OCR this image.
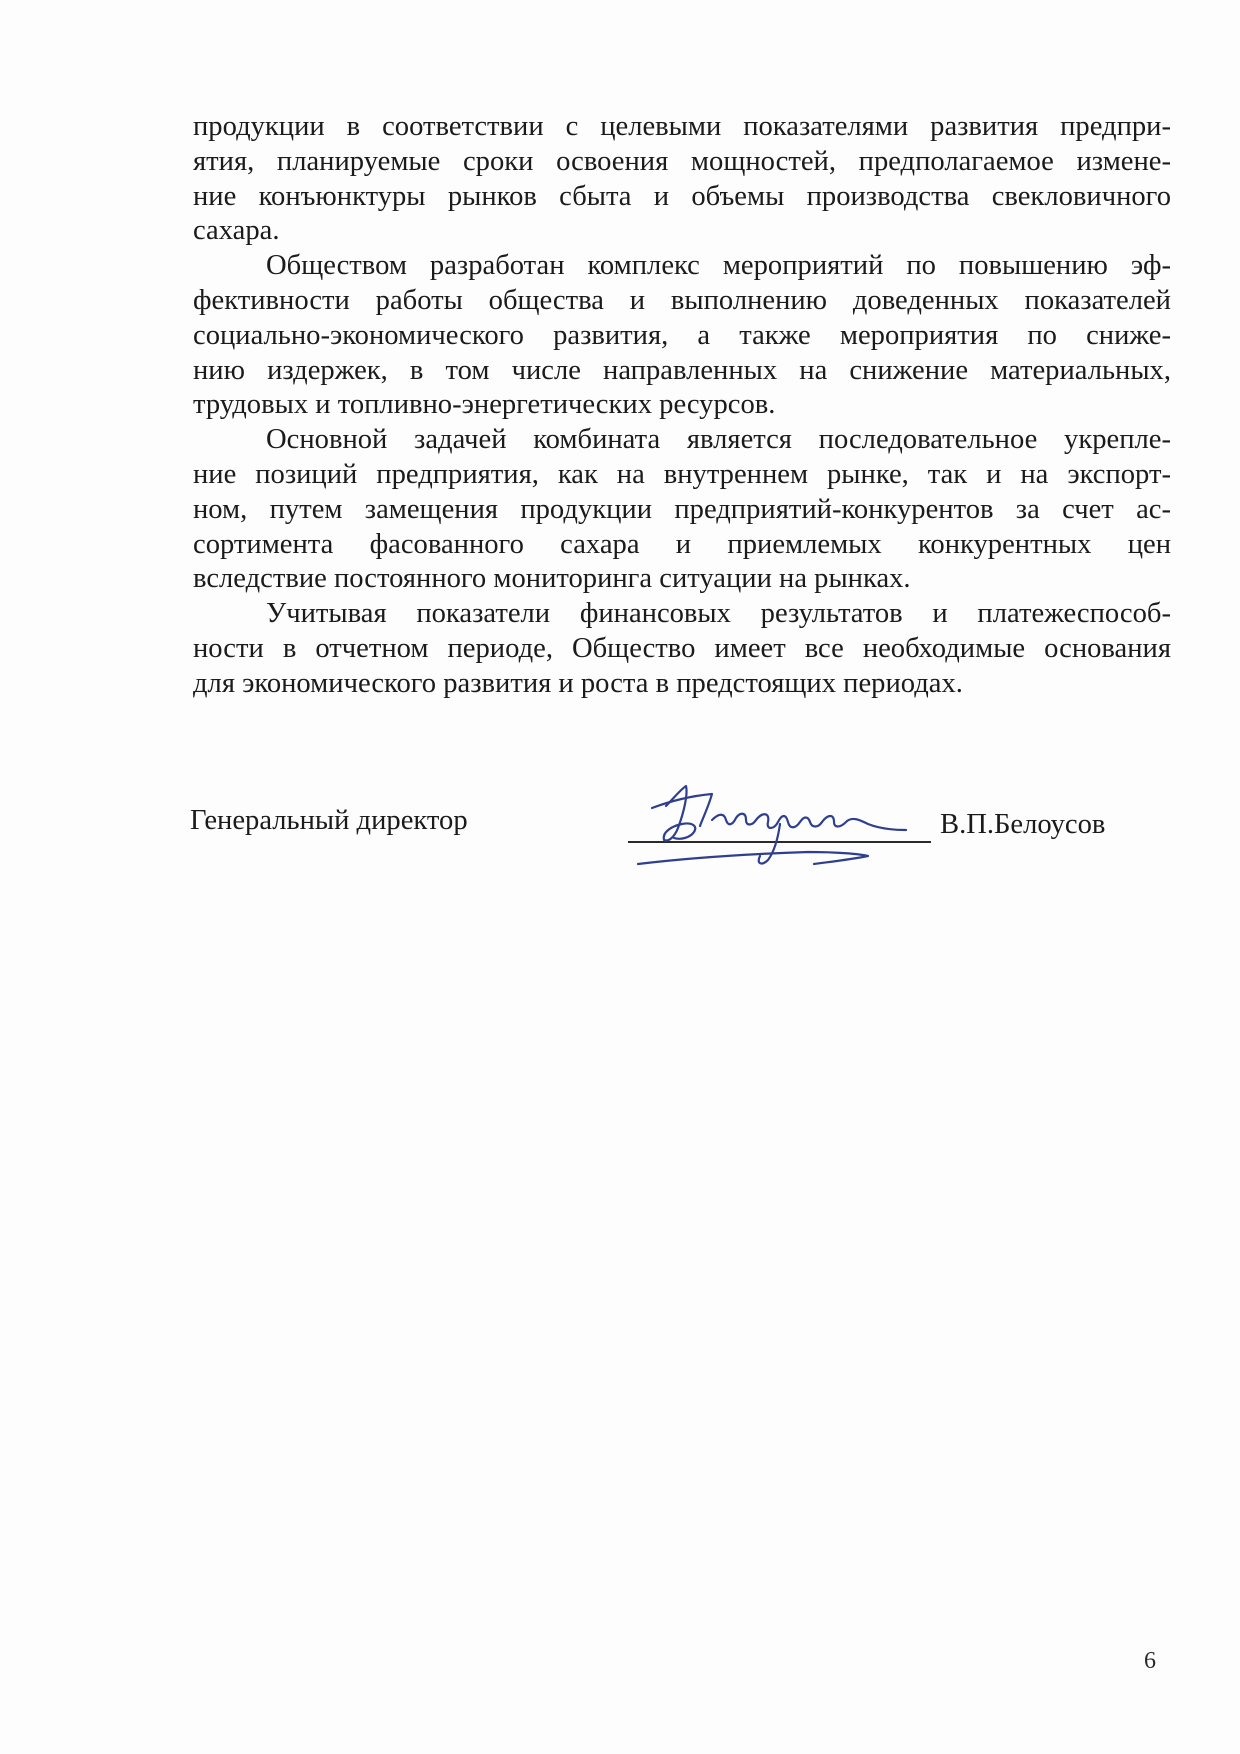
продукции в соответствии с целевыми показателями развития предпри-
ятия, планируемые сроки освоения мощностей, предполагаемое измене-
ние конъюнктуры рынков сбыта и объемы производства свекловичного
сахара.
Обществом разработан комплекс мероприятий по повышению эф-
фективности работы общества и выполнению доведенных показателей
социально-экономического развития, а также мероприятия по сниже-
нию издержек, в том числе направленных на снижение материальных,
трудовых и топливно-энергетических ресурсов.
Основной задачей комбината является последовательное укрепле-
ние позиций предприятия, как на внутреннем рынке, так и на экспорт-
ном, путем замещения продукции предприятий-конкурентов за счет ас-
сортимента фасованного сахара и приемлемых конкурентных цен
вследствие постоянного мониторинга ситуации на рынках.
Учитывая показатели финансовых результатов и платежеспособ-
ности в отчетном периоде, Общество имеет все необходимые основания
для экономического развития и роста в предстоящих периодах.
Генеральный директор	В.П.Белоусов
6
